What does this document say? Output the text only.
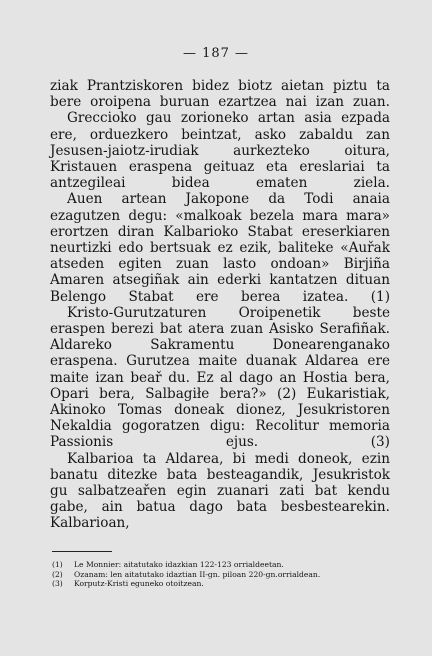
— 187 —

ziak Prantziskoren bidez biotz aietan piztu ta bere oroipena buruan ezartzea nai izan zuan.

Greccioko gau zorioneko artan asia ezpada ere, orduezkero beintzat, asko zabaldu zan Jesusen-jaiotz-irudiak aurkezteko oitura, Kristauen eraspena geituaz eta ereslariai ta antzegileai bidea ematen ziela.

Auen artean Jakopone da Todi anaia ezagutzen degu: «malkoak bezela mara mara» erortzen diran Kalbarioko Stabat ereserkiaren neurtizki edo bertsuak ez ezik, baliteke «Auřak atseden egiten zuan lasto ondoan» Birjiña Amaren atsegiñak ain ederki kantatzen dituan Belengo Stabat ere berea izatea. (1)

Kristo-Gurutzaturen Oroipenetik beste eraspen berezi bat atera zuan Asisko Serafiñak. Aldareko Sakramentu Donearenganako eraspena. Gurutzea maite duanak Aldarea ere maite izan beař du. Ez al dago an Hostia bera, Opari bera, Salbagiłe bera?» (2) Eukaristiak, Akinoko Tomas doneak dionez, Jesukristoren Nekaldia gogoratzen digu: Recolitur memoria Passionis ejus. (3)

Kalbarioa ta Aldarea, bi medi doneok, ezin banatu ditezke bata besteagandik, Jesukristok gu salbatzeařen egin zuanari zati bat kendu gabe, ain batua dago bata besbestearekin. Kalbarioan,

(1) Le Monnier: aitatutako idazkian 122-123 orrialdeetan.
(2) Ozanam: len aitatutako idaztian II-gn. piloan 220-gn.orrialdean.
(3) Korputz-Kristi eguneko otoitzean.
